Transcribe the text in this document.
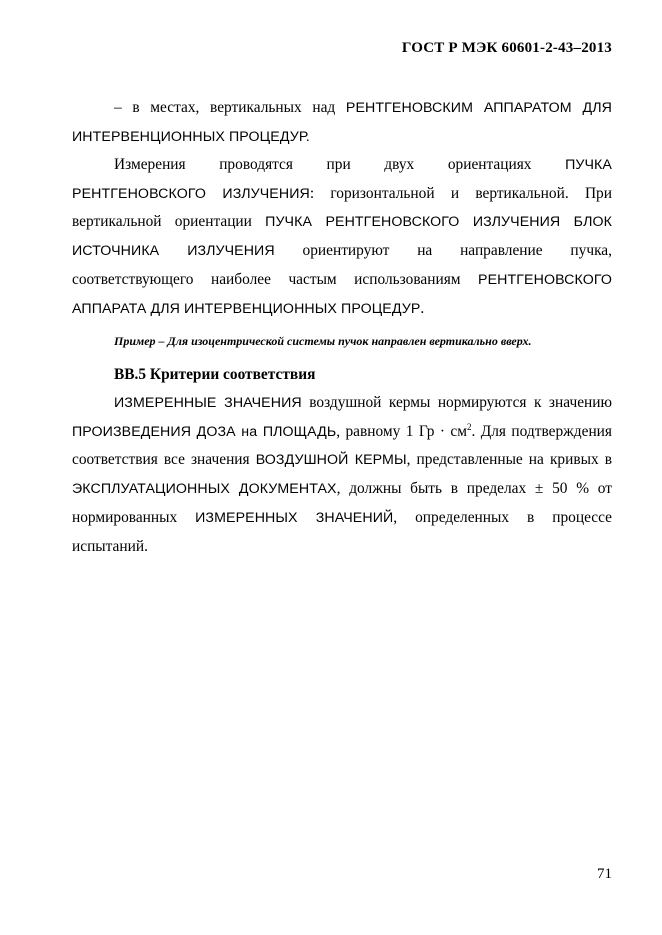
ГОСТ Р МЭК 60601-2-43–2013

– в местах, вертикальных над РЕНТГЕНОВСКИМ АППАРАТОМ ДЛЯ

ИНТЕРВЕНЦИОННЫХ ПРОЦЕДУР.

Измерения проводятся при двух ориентациях ПУЧКА

РЕНТГЕНОВСКОГО ИЗЛУЧЕНИЯ: горизонтальной и вертикальной. При

вертикальной ориентации ПУЧКА РЕНТГЕНОВСКОГО ИЗЛУЧЕНИЯ БЛОК

ИСТОЧНИКА ИЗЛУЧЕНИЯ ориентируют на направление пучка,

соответствующего наиболее частым использованиям РЕНТГЕНОВСКОГО

АППАРАТА ДЛЯ ИНТЕРВЕНЦИОННЫХ ПРОЦЕДУР.

Пример – Для изоцентрической системы пучок направлен вертикально вверх.
ВВ.5 Критерии соответствия

ИЗМЕРЕННЫЕ ЗНАЧЕНИЯ воздушной кермы нормируются к значению

ПРОИЗВЕДЕНИЯ ДОЗА на ПЛОЩАДЬ, равному 1 Гр · $см^2$. Для подтверждения

соответствия все значения ВОЗДУШНОЙ КЕРМЫ, представленные на кривых в

ЭКСПЛУАТАЦИОННЫХ ДОКУМЕНТАХ, должны быть в пределах ± 50 % от

нормированных ИЗМЕРЕННЫХ ЗНАЧЕНИЙ, определенных в процессе

испытаний.

71
